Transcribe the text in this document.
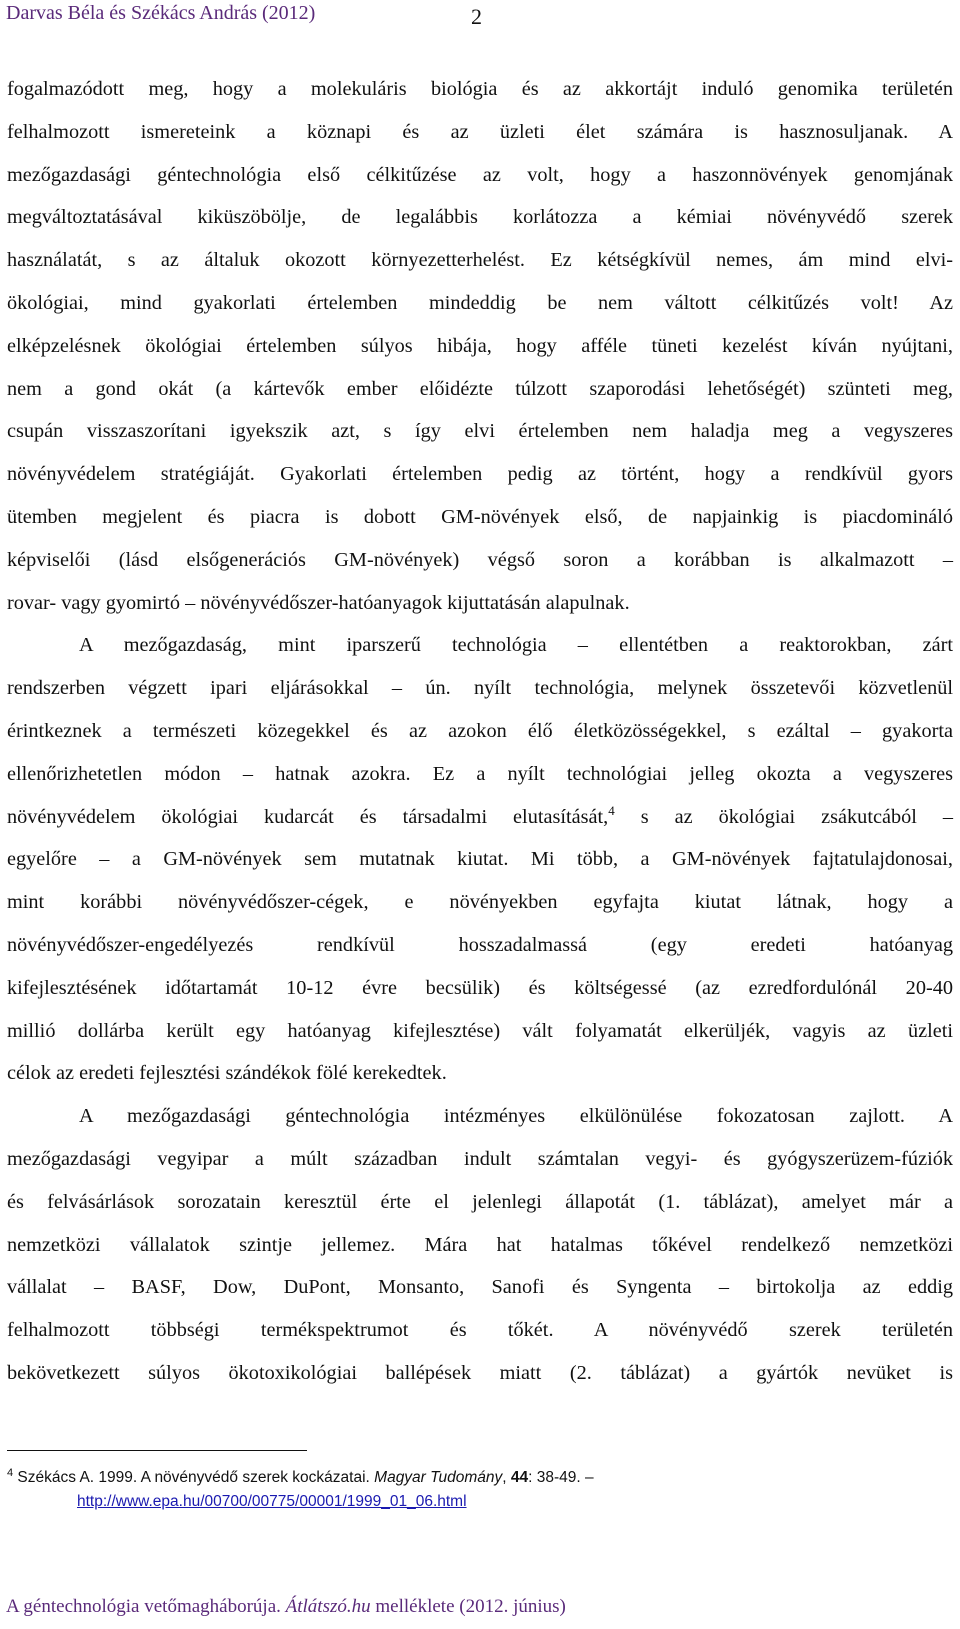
Darvas Béla és Székács András (2012)	2
fogalmazódott meg, hogy a molekuláris biológia és az akkortájt induló genomika területén
felhalmozott ismereteink a köznapi és az üzleti élet számára is hasznosuljanak. A
mezőgazdasági géntechnológia első célkitűzése az volt, hogy a haszonnövények genomjának
megváltoztatásával kiküszöbölje, de legalábbis korlátozza a kémiai növényvédő szerek
használatát, s az általuk okozott környezetterhelést. Ez kétségkívül nemes, ám mind elvi-
ökológiai, mind gyakorlati értelemben mindeddig be nem váltott célkitűzés volt! Az
elképzelésnek ökológiai értelemben súlyos hibája, hogy afféle tüneti kezelést kíván nyújtani,
nem a gond okát (a kártevők ember előidézte túlzott szaporodási lehetőségét) szünteti meg,
csupán visszaszorítani igyekszik azt, s így elvi értelemben nem haladja meg a vegyszeres
növényvédelem stratégiáját. Gyakorlati értelemben pedig az történt, hogy a rendkívül gyors
ütemben megjelent és piacra is dobott GM-növények első, de napjainkig is piacdomináló
képviselői (lásd elsőgenerációs GM-növények) végső soron a korábban is alkalmazott –
rovar- vagy gyomirtó – növényvédőszer-hatóanyagok kijuttatásán alapulnak.
A mezőgazdaság, mint iparszerű technológia – ellentétben a reaktorokban, zárt
rendszerben végzett ipari eljárásokkal – ún. nyílt technológia, melynek összetevői közvetlenül
érintkeznek a természeti közegekkel és az azokon élő életközösségekkel, s ezáltal – gyakorta
ellenőrizhetetlen módon – hatnak azokra. Ez a nyílt technológiai jelleg okozta a vegyszeres
növényvédelem ökológiai kudarcát és társadalmi elutasítását,$^4$ s az ökológiai zsákutcából –
egyelőre – a GM-növények sem mutatnak kiutat. Mi több, a GM-növények fajtatulajdonosai,
mint korábbi növényvédőszer-cégek, e növényekben egyfajta kiutat látnak, hogy a
növényvédőszer-engedélyezés rendkívül hosszadalmassá (egy eredeti hatóanyag
kifejlesztésének időtartamát 10-12 évre becsülik) és költségessé (az ezredfordulónál 20-40
millió dollárba került egy hatóanyag kifejlesztése) vált folyamatát elkerüljék, vagyis az üzleti
célok az eredeti fejlesztési szándékok fölé kerekedtek.
A mezőgazdasági géntechnológia intézményes elkülönülése fokozatosan zajlott. A
mezőgazdasági vegyipar a múlt században indult számtalan vegyi- és gyógyszerüzem-fúziók
és felvásárlások sorozatain keresztül érte el jelenlegi állapotát (1. táblázat), amelyet már a
nemzetközi vállalatok szintje jellemez. Mára hat hatalmas tőkével rendelkező nemzetközi
vállalat – BASF, Dow, DuPont, Monsanto, Sanofi és Syngenta – birtokolja az eddig
felhalmozott többségi termékspektrumot és tőkét. A növényvédő szerek területén
bekövetkezett súlyos ökotoxikológiai ballépések miatt (2. táblázat) a gyártók nevüket is
$^4$ Székács A. 1999. A növényvédő szerek kockázatai. Magyar Tudomány, 44: 38-49. –
http://www.epa.hu/00700/00775/00001/1999_01_06.html
A géntechnológia vetőmagháborúja. Átlátszó.hu melléklete (2012. június)
